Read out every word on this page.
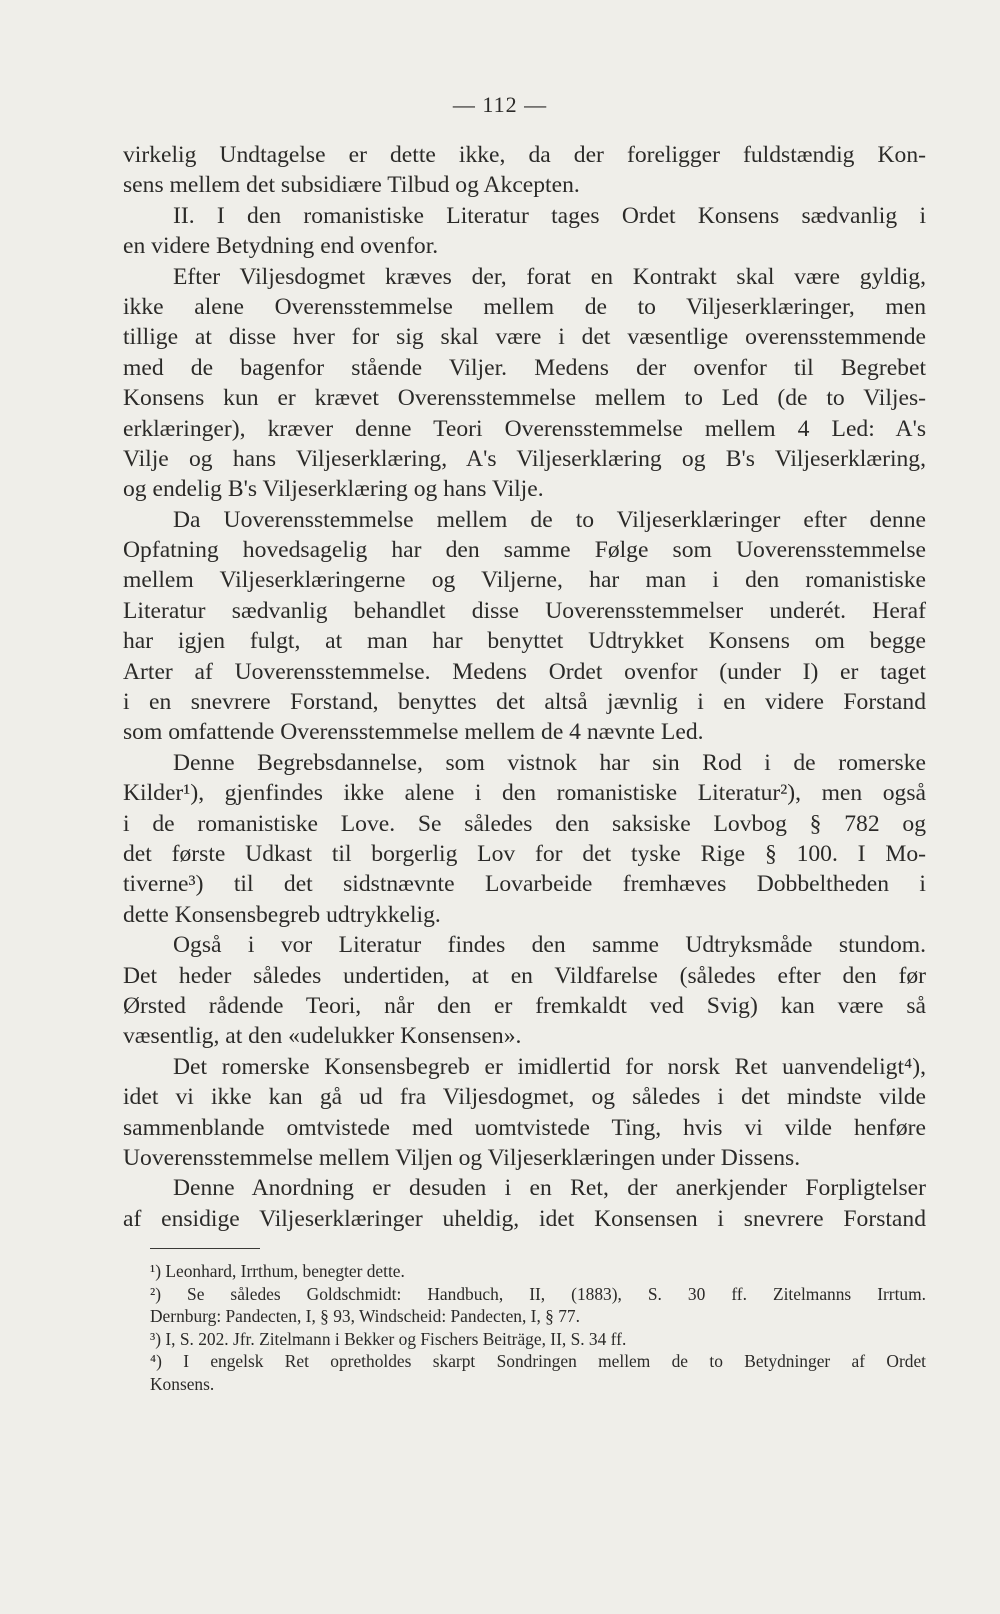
— 112 —
virkelig Undtagelse er dette ikke, da der foreligger fuldstændig Kon-
sens mellem det subsidiære Tilbud og Akcepten.
II. I den romanistiske Literatur tages Ordet Konsens sædvanlig i
en videre Betydning end ovenfor.
Efter Viljesdogmet kræves der, forat en Kontrakt skal være gyldig,
ikke alene Overensstemmelse mellem de to Viljeserklæringer, men
tillige at disse hver for sig skal være i det væsentlige overensstemmende
med de bagenfor stående Viljer. Medens der ovenfor til Begrebet
Konsens kun er krævet Overensstemmelse mellem to Led (de to Viljes-
erklæringer), kræver denne Teori Overensstemmelse mellem 4 Led: A's
Vilje og hans Viljeserklæring, A's Viljeserklæring og B's Viljeserklæring,
og endelig B's Viljeserklæring og hans Vilje.
Da Uoverensstemmelse mellem de to Viljeserklæringer efter denne
Opfatning hovedsagelig har den samme Følge som Uoverensstemmelse
mellem Viljeserklæringerne og Viljerne, har man i den romanistiske
Literatur sædvanlig behandlet disse Uoverensstemmelser underét. Heraf
har igjen fulgt, at man har benyttet Udtrykket Konsens om begge
Arter af Uoverensstemmelse. Medens Ordet ovenfor (under I) er taget
i en snevrere Forstand, benyttes det altså jævnlig i en videre Forstand
som omfattende Overensstemmelse mellem de 4 nævnte Led.
Denne Begrebsdannelse, som vistnok har sin Rod i de romerske
Kilder¹), gjenfindes ikke alene i den romanistiske Literatur²), men også
i de romanistiske Love. Se således den saksiske Lovbog § 782 og
det første Udkast til borgerlig Lov for det tyske Rige § 100. I Mo-
tiverne³) til det sidstnævnte Lovarbeide fremhæves Dobbeltheden i
dette Konsensbegreb udtrykkelig.
Også i vor Literatur findes den samme Udtryksmåde stundom.
Det heder således undertiden, at en Vildfarelse (således efter den før
Ørsted rådende Teori, når den er fremkaldt ved Svig) kan være så
væsentlig, at den «udelukker Konsensen».
Det romerske Konsensbegreb er imidlertid for norsk Ret uanvendeligt⁴),
idet vi ikke kan gå ud fra Viljesdogmet, og således i det mindste vilde
sammenblande omtvistede med uomtvistede Ting, hvis vi vilde henføre
Uoverensstemmelse mellem Viljen og Viljeserklæringen under Dissens.
Denne Anordning er desuden i en Ret, der anerkjender Forpligtelser
af ensidige Viljeserklæringer uheldig, idet Konsensen i snevrere Forstand
¹) Leonhard, Irrthum, benegter dette.
²) Se således Goldschmidt: Handbuch, II, (1883), S. 30 ff. Zitelmanns Irrtum.
Dernburg: Pandecten, I, § 93, Windscheid: Pandecten, I, § 77.
³) I, S. 202. Jfr. Zitelmann i Bekker og Fischers Beiträge, II, S. 34 ff.
⁴) I engelsk Ret opretholdes skarpt Sondringen mellem de to Betydninger af Ordet
Konsens.
